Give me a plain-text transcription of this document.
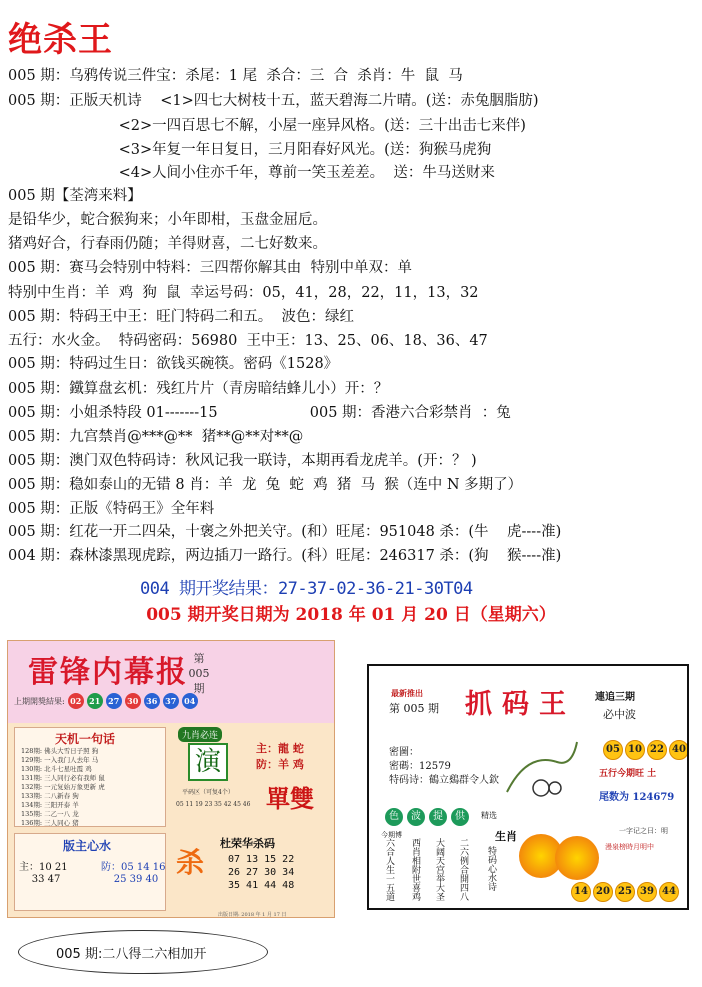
绝杀王
005 期：乌鸦传说三件宝：杀尾：1 尾  杀合：三  合  杀肖：牛  鼠  马
005 期：正版天机诗    <1>四七大树枝十五，蓝天碧海二片晴。(送：赤兔胭脂肪)
<2>一四百思七不解，小屋一座异风格。(送：三十出击七来伴)
<3>年复一年日复日，三月阳春好风光。(送：狗猴马虎狗
<4>人间小住亦千年，尊前一笑玉差差。  送：牛马送财来
005 期【荃湾来料】
是铅华少，蛇合猴狗来；小年即柑，玉盘金屈卮。
猪鸡好合，行春雨仍随；羊得财喜，二七好数来。
005 期：赛马会特别中特料：三四帮你解其由  特别中单双：单
特别中生肖：羊  鸡  狗  鼠  幸运号码：05，41，28，22，11，13，32
005 期：特码王中王：旺门特码二和五。  波色：绿红
五行：水火金。  特码密码：56980  王中王：13、25、06、18、36、47
005 期：特码过生日：欲钱买碗筷。密码《1528》
005 期：鐵算盘玄机：残红片片（青房暗结蜂儿小）开：？
005 期：小姐杀特段 01-------15                    005 期：香港六合彩禁肖  ：兔
005 期：九宫禁肖@***@**  猪**@**对**@
005 期：澳门双色特码诗：秋风记我一联诗，本期再看龙虎羊。(开：？ )
005 期：稳如泰山的无错 8 肖：羊  龙  兔  蛇  鸡  猪  马  猴（连中 N 多期了）
005 期：正版《特码王》全年料
005 期：红花一开二四朵，十褒之外把关守。(和）旺尾：951048 杀：(牛    虎----准)
004 期：森林漆黑现虎踪，两边插刀一路行。(科）旺尾：246317 杀：(狗    猴----准)
004 期开奖结果：27-37-02-36-21-30T04
005 期开奖日期为 2018 年 01 月 20 日（星期六）
雷锋内幕报 第 005 期
上期開獎結果: 02 21 27 30 36 37 04
天机一句话
128期: 佛头大雪日子照 狗
129期: 一入我门人去年 马
130期: 北斗七星吐霞 鸡
131期: 三人同行必有我师 鼠
132期: 一元复始万象更新 虎
133期: 二八新春 狗
134期: 三阳开泰 羊
135期: 二乙一八 龙
136期: 三人同心 猪
九肖必连
演	主：龍 蛇
防：羊 鸡
單雙
平码区（可复4个）
05 11 19 23 35 42 45 46
版主心水
主：10 21
33 47
防：05 14 16
25 39 40
杀
杜荣华杀码
07 13 15 22
26 27 30 34
35 41 44 48
出版日期: 2018 年 1 月 17 日
最新推出
第 005 期 抓码王 連追三期
必中波
密圖：
密碼：12579
特码诗：鶴立鷄群令人欽
05 10 22 40
五行今期旺 土
尾数为 124679
色	波	提	供	精选
今期博
六合人生一五道 西肖相附世喜鸡 大阔天宫举大圣 二六例合開四八 特码心水诗
生肖	一字记之曰：明
漫泉榜時月明中
14 20 25 39 44
005 期:二八得二六相加开
